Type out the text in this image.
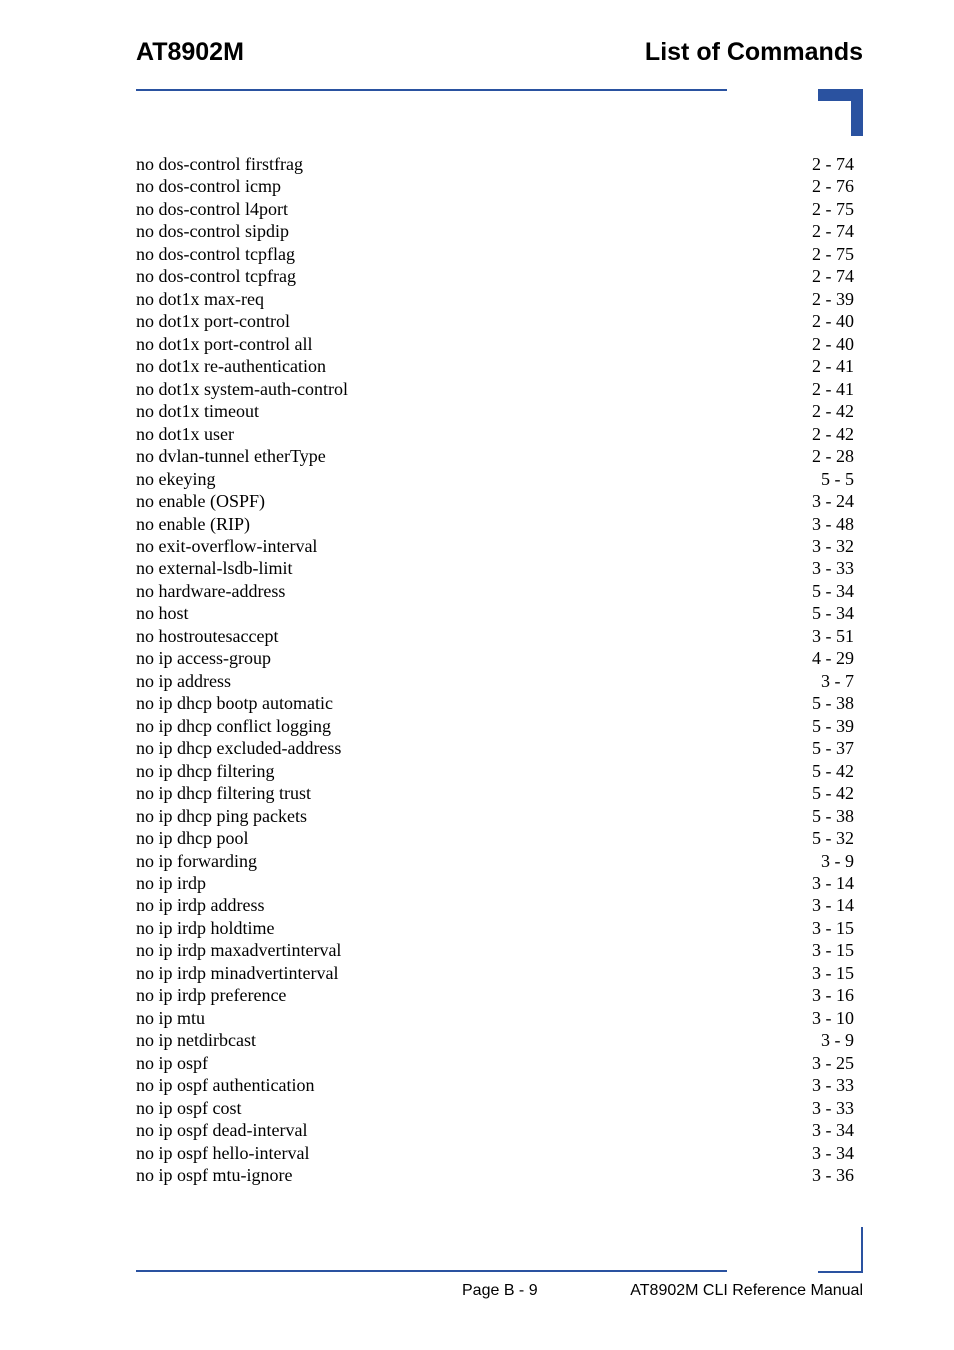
AT8902M	List of Commands
no dos-control firstfrag	2 - 74
no dos-control icmp	2 - 76
no dos-control l4port	2 - 75
no dos-control sipdip	2 - 74
no dos-control tcpflag	2 - 75
no dos-control tcpfrag	2 - 74
no dot1x max-req	2 - 39
no dot1x port-control	2 - 40
no dot1x port-control all	2 - 40
no dot1x re-authentication	2 - 41
no dot1x system-auth-control	2 - 41
no dot1x timeout	2 - 42
no dot1x user	2 - 42
no dvlan-tunnel etherType	2 - 28
no ekeying	5 - 5
no enable (OSPF)	3 - 24
no enable (RIP)	3 - 48
no exit-overflow-interval	3 - 32
no external-lsdb-limit	3 - 33
no hardware-address	5 - 34
no host	5 - 34
no hostroutesaccept	3 - 51
no ip access-group	4 - 29
no ip address	3 - 7
no ip dhcp bootp automatic	5 - 38
no ip dhcp conflict logging	5 - 39
no ip dhcp excluded-address	5 - 37
no ip dhcp filtering	5 - 42
no ip dhcp filtering trust	5 - 42
no ip dhcp ping packets	5 - 38
no ip dhcp pool	5 - 32
no ip forwarding	3 - 9
no ip irdp	3 - 14
no ip irdp address	3 - 14
no ip irdp holdtime	3 - 15
no ip irdp maxadvertinterval	3 - 15
no ip irdp minadvertinterval	3 - 15
no ip irdp preference	3 - 16
no ip mtu	3 - 10
no ip netdirbcast	3 - 9
no ip ospf	3 - 25
no ip ospf authentication	3 - 33
no ip ospf cost	3 - 33
no ip ospf dead-interval	3 - 34
no ip ospf hello-interval	3 - 34
no ip ospf mtu-ignore	3 - 36
Page B - 9	AT8902M CLI Reference Manual
